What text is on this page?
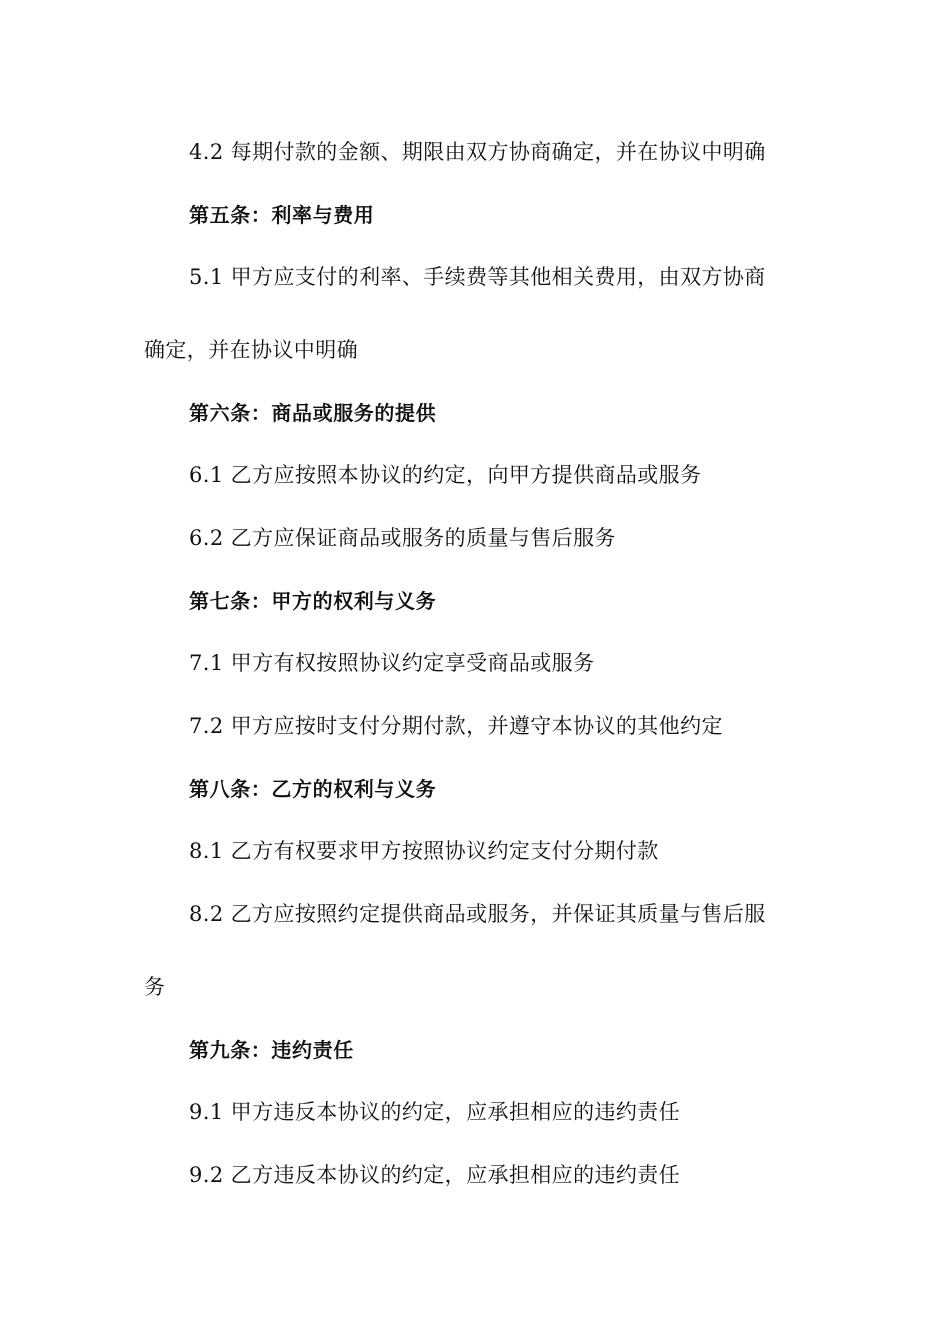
4.2 每期付款的金额、期限由双方协商确定，并在协议中明确
第五条：利率与费用
5.1 甲方应支付的利率、手续费等其他相关费用，由双方协商
确定，并在协议中明确
第六条：商品或服务的提供
6.1 乙方应按照本协议的约定，向甲方提供商品或服务
6.2 乙方应保证商品或服务的质量与售后服务
第七条：甲方的权利与义务
7.1 甲方有权按照协议约定享受商品或服务
7.2 甲方应按时支付分期付款，并遵守本协议的其他约定
第八条：乙方的权利与义务
8.1 乙方有权要求甲方按照协议约定支付分期付款
8.2 乙方应按照约定提供商品或服务，并保证其质量与售后服
务
第九条：违约责任
9.1 甲方违反本协议的约定，应承担相应的违约责任
9.2 乙方违反本协议的约定，应承担相应的违约责任
